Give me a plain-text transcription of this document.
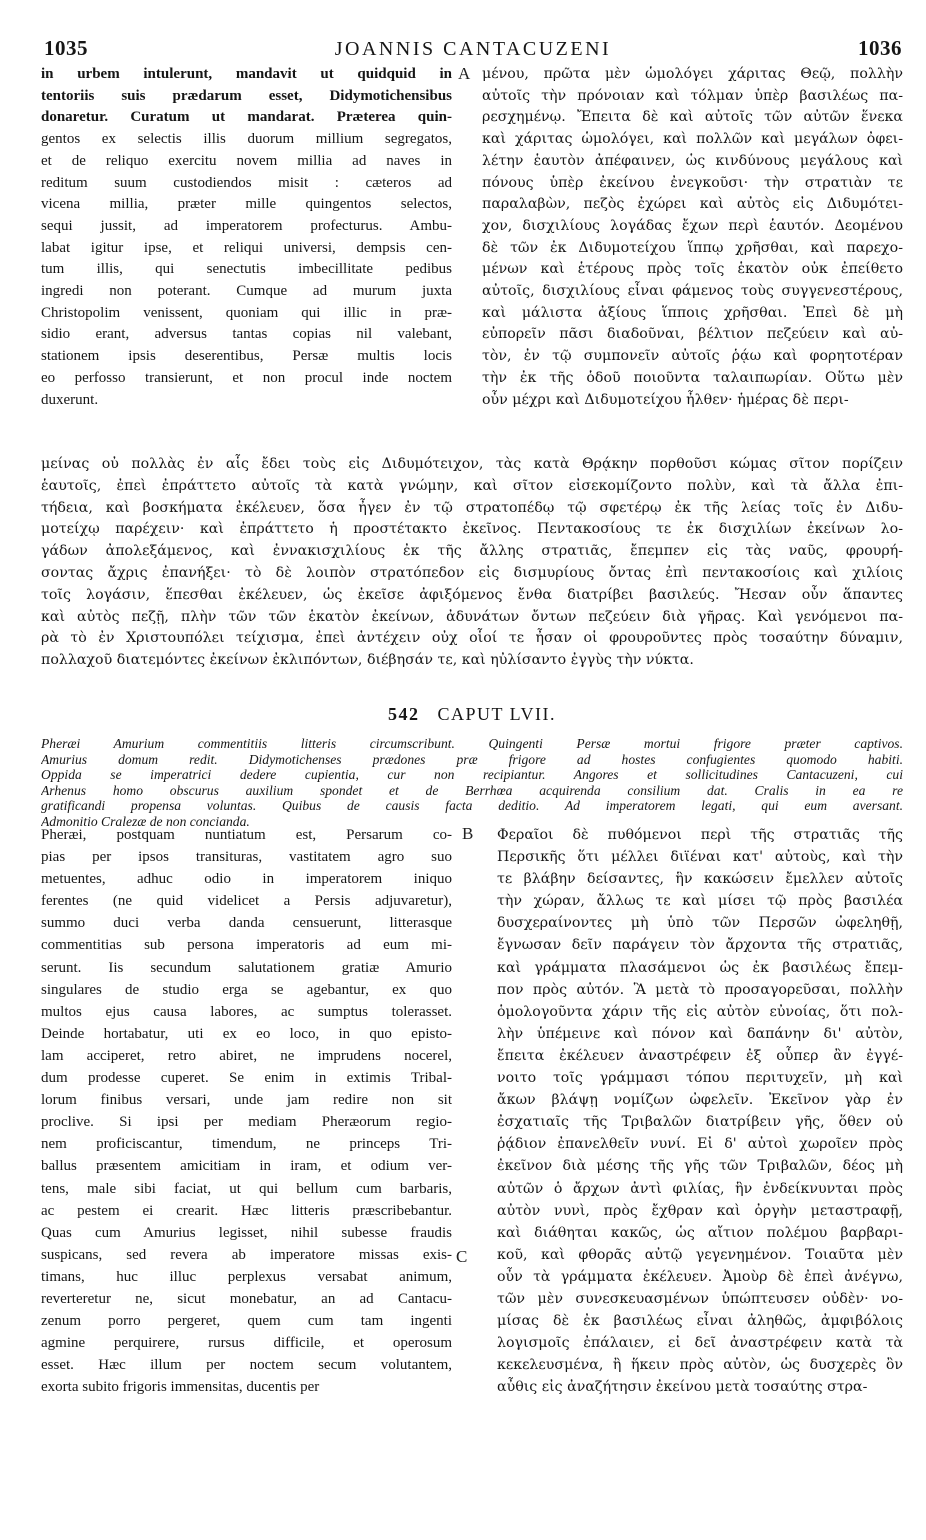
1035	JOANNIS CANTACUZENI	1036
A
B
C
in urbem intulerunt, mandavit ut quidquid in
tentoriis suis prædarum esset, Didymotichensibus
donaretur. Curatum ut mandarat. Præterea quin-
gentos ex selectis illis duorum millium segregatos,
et de reliquo exercitu novem millia ad naves in
reditum suum custodiendos misit : cæteros ad
vicena millia, præter mille quingentos selectos,
sequi jussit, ad imperatorem profecturus. Ambu-
labat igitur ipse, et reliqui universi, dempsis cen-
tum illis, qui senectutis imbecillitate pedibus
ingredi non poterant. Cumque ad murum juxta
Christopolim venissent, quoniam qui illic in præ-
sidio erant, adversus tantas copias nil valebant,
stationem ipsis deserentibus, Persæ multis locis
eo perfosso transierunt, et non procul inde noctem
duxerunt.
μένου, πρῶτα μὲν ὡμολόγει χάριτας Θεῷ, πολλὴν
αὐτοῖς τὴν πρόνοιαν καὶ τόλμαν ὑπὲρ βασιλέως πα-
ρεσχημένῳ. Ἔπειτα δὲ καὶ αὐτοῖς τῶν αὐτῶν ἕνεκα
καὶ χάριτας ὡμολόγει, καὶ πολλῶν καὶ μεγάλων ὀφει-
λέτην ἑαυτὸν ἀπέφαινεν, ὡς κινδύνους μεγάλους καὶ
πόνους ὑπὲρ ἐκείνου ἐνεγκοῦσι· τὴν στρατιὰν τε
παραλαβὼν, πεζὸς ἐχώρει καὶ αὐτὸς εἰς Διδυμότει-
χον, δισχιλίους λογάδας ἔχων περὶ ἑαυτόν. Δεομένου
δὲ τῶν ἐκ Διδυμοτείχου ἵππῳ χρῆσθαι, καὶ παρεχο-
μένων καὶ ἑτέρους πρὸς τοῖς ἑκατὸν οὐκ ἐπείθετο
αὐτοῖς, δισχιλίους εἶναι φάμενος τοὺς συγγενεστέρους,
καὶ μάλιστα ἀξίους ἵπποις χρῆσθαι. Ἐπεὶ δὲ μὴ
εὐπορεῖν πᾶσι διαδοῦναι, βέλτιον πεζεύειν καὶ αὐ-
τὸν, ἐν τῷ συμπονεῖν αὐτοῖς ῥᾴω καὶ φορητοτέραν
τὴν ἐκ τῆς ὁδοῦ ποιοῦντα ταλαιπωρίαν. Οὕτω μὲν
οὖν μέχρι καὶ Διδυμοτείχου ἦλθεν· ἡμέρας δὲ περι-
μείνας οὐ πολλὰς ἐν αἷς ἔδει τοὺς εἰς Διδυμότειχον, τὰς κατὰ Θρᾴκην πορθοῦσι κώμας σῖτον πορίζειν
ἑαυτοῖς, ἐπεὶ ἐπράττετο αὐτοῖς τὰ κατὰ γνώμην, καὶ σῖτον εἰσεκομίζοντο πολὺν, καὶ τὰ ἄλλα ἐπι-
τήδεια, καὶ βοσκήματα ἐκέλευεν, ὅσα ἦγεν ἐν τῷ στρατοπέδῳ τῷ σφετέρῳ ἐκ τῆς λείας τοῖς ἐν Διδυ-
μοτείχῳ παρέχειν· καὶ ἐπράττετο ἡ προστέτακτο ἐκεῖνος. Πεντακοσίους τε ἐκ δισχιλίων ἐκείνων λο-
γάδων ἀπολεξάμενος, καὶ ἐννακισχιλίους ἐκ τῆς ἄλλης στρατιᾶς, ἔπεμπεν εἰς τὰς ναῦς, φρουρή-
σοντας ἄχρις ἐπανήξει· τὸ δὲ λοιπὸν στρατόπεδον εἰς δισμυρίους ὄντας ἐπὶ πεντακοσίοις καὶ χιλίοις
τοῖς λογάσιν, ἕπεσθαι ἐκέλευεν, ὡς ἐκεῖσε ἀφιξόμενος ἔνθα διατρίβει βασιλεύς. Ἤεσαν οὖν ἅπαντες
καὶ αὐτὸς πεζῇ, πλὴν τῶν τῶν ἑκατὸν ἐκείνων, ἀδυνάτων ὄντων πεζεύειν διὰ γῆρας. Καὶ γενόμενοι πα-
ρὰ τὸ ἐν Χριστουπόλει τείχισμα, ἐπεὶ ἀντέχειν οὐχ οἷοί τε ἦσαν οἱ φρουροῦντες πρὸς τοσαύτην δύναμιν,
πολλαχοῦ διατεμόντες ἐκείνων ἐκλιπόντων, διέβησάν τε, καὶ ηὐλίσαντο ἐγγὺς τὴν νύκτα.
542 CAPUT LVII.
Pheræi Amurium commentitiis litteris circumscribunt. Quingenti Persæ mortui frigore præter captivos.
Amurius domum redit. Didymotichenses prædones præ frigore ad hostes confugientes quomodo habiti.
Oppida se imperatrici dedere cupientia, cur non recipiantur. Angores et sollicitudines Cantacuzeni, cui
Arhenus homo obscurus auxilium spondet et de Berrhœa acquirenda consilium dat. Cralis in ea re
gratificandi propensa voluntas. Quibus de causis facta deditio. Ad imperatorem legati, qui eum aversant.
Admonitio Cralezæ de non concianda.
Pheræi, postquam nuntiatum est, Persarum co-
pias per ipsos transituras, vastitatem agro suo
metuentes, adhuc odio in imperatorem iniquo
ferentes (ne quid videlicet a Persis adjuvaretur),
summo duci verba danda censuerunt, litterasque
commentitias sub persona imperatoris ad eum mi-
serunt. Iis secundum salutationem gratiæ Amurio
singulares de studio erga se agebantur, ex quo
multos ejus causa labores, ac sumptus tolerasset.
Deinde hortabatur, uti ex eo loco, in quo episto-
lam acciperet, retro abiret, ne imprudens nocerel,
dum prodesse cuperet. Se enim in extimis Tribal-
lorum finibus versari, unde jam redire non sit
proclive. Si ipsi per mediam Pheræorum regio-
nem proficiscantur, timendum, ne princeps Tri-
ballus præsentem amicitiam in iram, et odium ver-
tens, male sibi faciat, ut qui bellum cum barbaris,
ac pestem ei crearit. Hæc litteris præscribebantur.
Quas cum Amurius legisset, nihil subesse fraudis
suspicans, sed reverа ab imperatore missas exis-
timans, huc illuc perplexus versabat animum,
reverteretur ne, sicut monebatur, an ad Cantacu-
zenum porro pergeret, quem cum tam ingenti
agmine perquirere, rursus difficile, et operosum
esset. Hæc illum per noctem secum volutantem,
exorta subito frigoris immensitas, ducentis per
Φεραῖοι δὲ πυθόμενοι περὶ τῆς στρατιᾶς τῆς
Περσικῆς ὅτι μέλλει διϊέναι κατ' αὐτοὺς, καὶ τὴν
τε βλάβην δείσαντες, ἣν κακώσειν ἔμελλεν αὐτοῖς
τὴν χώραν, ἄλλως τε καὶ μίσει τῷ πρὸς βασιλέα
δυσχεραίνοντες μὴ ὑπὸ τῶν Περσῶν ὠφεληθῇ,
ἔγνωσαν δεῖν παράγειν τὸν ἄρχοντα τῆς στρατιᾶς,
καὶ γράμματα πλασάμενοι ὡς ἐκ βασιλέως ἔπεμ-
πον πρὸς αὐτόν. Ἃ μετὰ τὸ προσαγορεῦσαι, πολλὴν
ὁμολογοῦντα χάριν τῆς εἰς αὐτὸν εὐνοίας, ὅτι πολ-
λὴν ὑπέμεινε καὶ πόνον καὶ δαπάνην δι' αὐτὸν,
ἔπειτα ἐκέλευεν ἀναστρέφειν ἐξ οὗπερ ἂν ἐγγέ-
νοιτο τοῖς γράμμασι τόπου περιτυχεῖν, μὴ καὶ
ἄκων βλάψῃ νομίζων ὠφελεῖν. Ἐκεῖνον γὰρ ἐν
ἐσχατιαῖς τῆς Τριβαλῶν διατρίβειν γῆς, ὅθεν οὐ
ῥᾴδιον ἐπανελθεῖν νυνί. Εἰ δ' αὐτοὶ χωροῖεν πρὸς
ἐκεῖνον διὰ μέσης τῆς γῆς τῶν Τριβαλῶν, δέος μὴ
αὐτῶν ὁ ἄρχων ἀντὶ φιλίας, ἣν ἐνδείκνυνται πρὸς
αὐτὸν νυνὶ, πρὸς ἔχθραν καὶ ὀργὴν μεταστραφῇ,
καὶ διάθηται κακῶς, ὡς αἴτιον πολέμου βαρβαρι-
κοῦ, καὶ φθορᾶς αὐτῷ γεγενημένον. Τοιαῦτα μὲν
οὖν τὰ γράμματα ἐκέλευεν. Ἀμοὺρ δὲ ἐπεὶ ἀνέγνω,
τῶν μὲν συνεσκευασμένων ὑπώπτευσεν οὐδὲν· νο-
μίσας δὲ ἐκ βασιλέως εἶναι ἀληθῶς, ἀμφιβόλοις
λογισμοῖς ἐπάλαιεν, εἰ δεῖ ἀναστρέφειν κατὰ τὰ
κεκελευσμένα, ἢ ἥκειν πρὸς αὐτὸν, ὡς δυσχερὲς ὂν
αὖθις εἰς ἀναζήτησιν ἐκείνου μετὰ τοσαύτης στρα-
